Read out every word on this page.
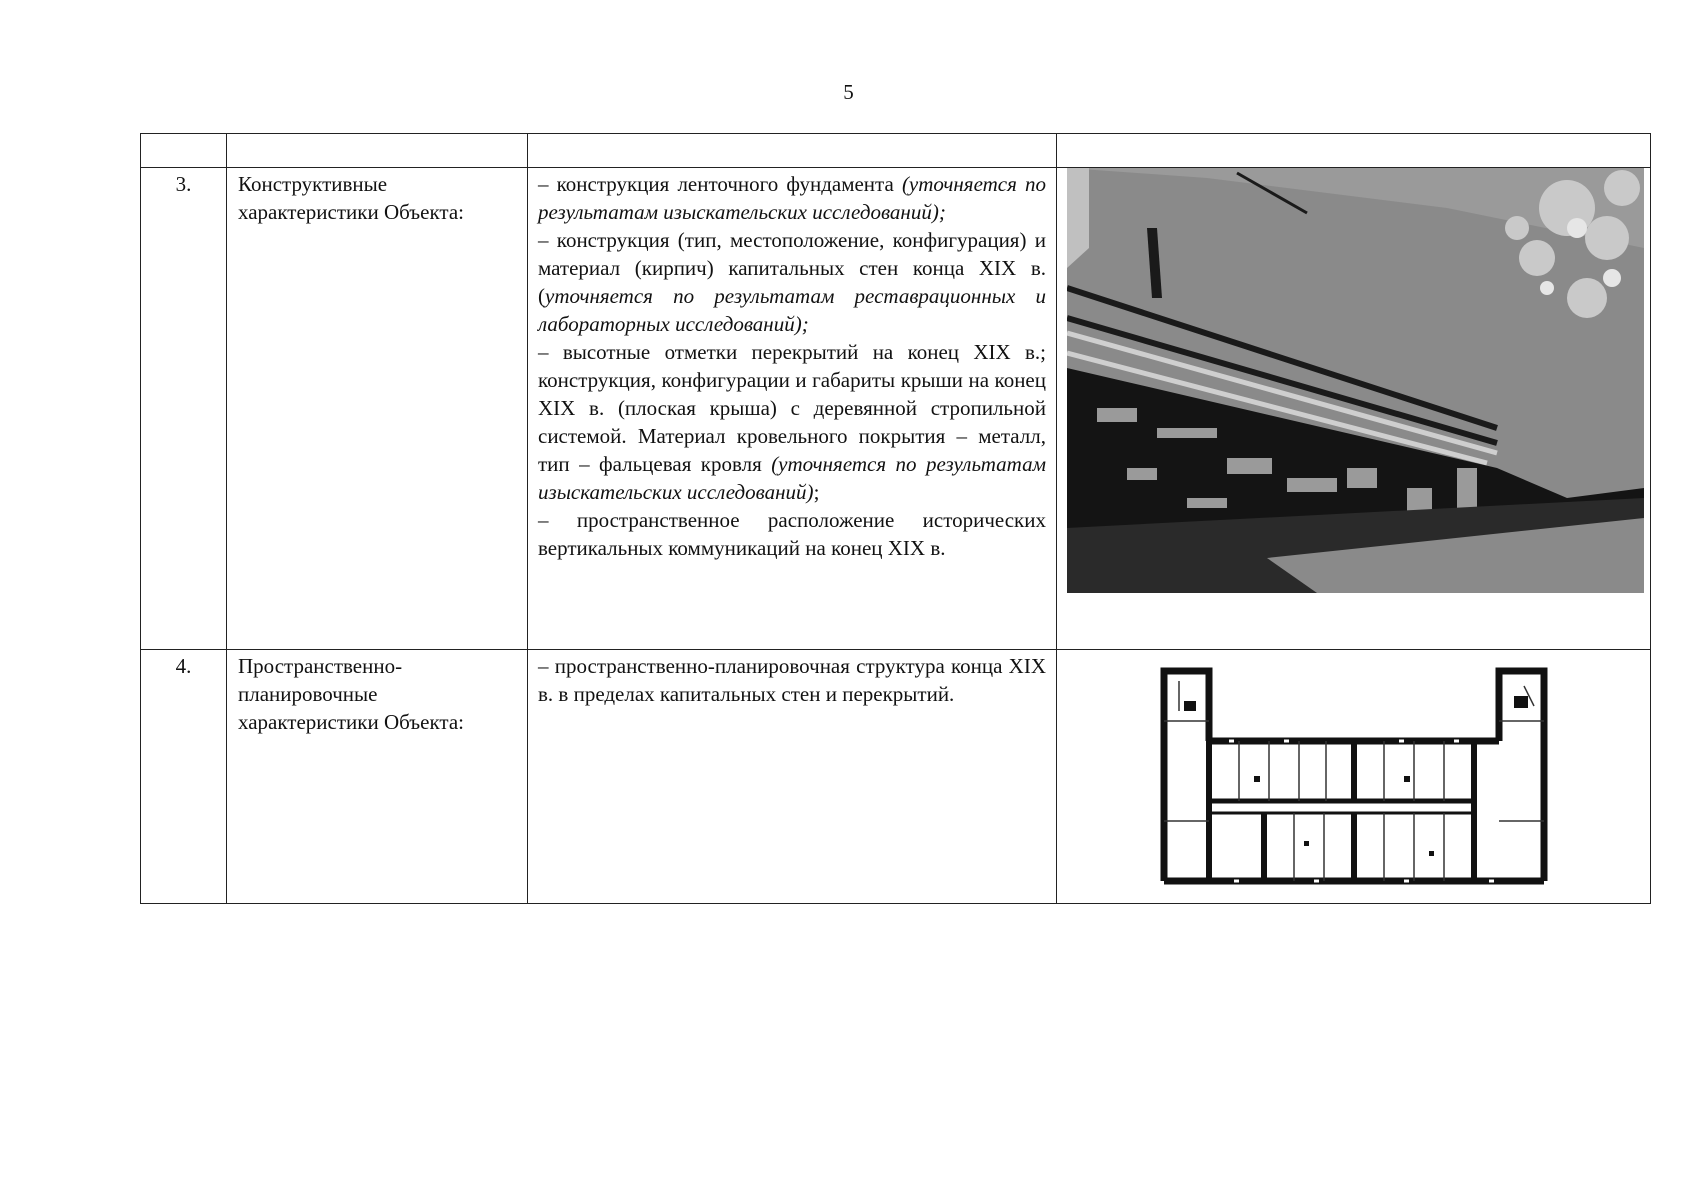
5

3.	Конструктивные характеристики Объекта:	– конструкция ленточного фундамента (уточняется по результатам изыскательских исследований);

– конструкция (тип, местоположение, конфигурация) и материал (кирпич) капитальных стен конца XIX в. (уточняется по результатам реставрационных и лабораторных исследований);

– высотные отметки перекрытий на конец XIX в.; конструкция, конфигурации и габариты крыши на конец XIX в. (плоская крыша) с деревянной стропильной системой. Материал кровельного покрытия – металл, тип – фальцевая кровля (уточняется по результатам изыскательских исследований);

– пространственное расположение исторических вертикальных коммуникаций на конец XIX в.

4.	Пространственно-планировочные характеристики Объекта:	– пространственно-планировочная структура конца XIX в. в пределах капитальных стен и перекрытий.
